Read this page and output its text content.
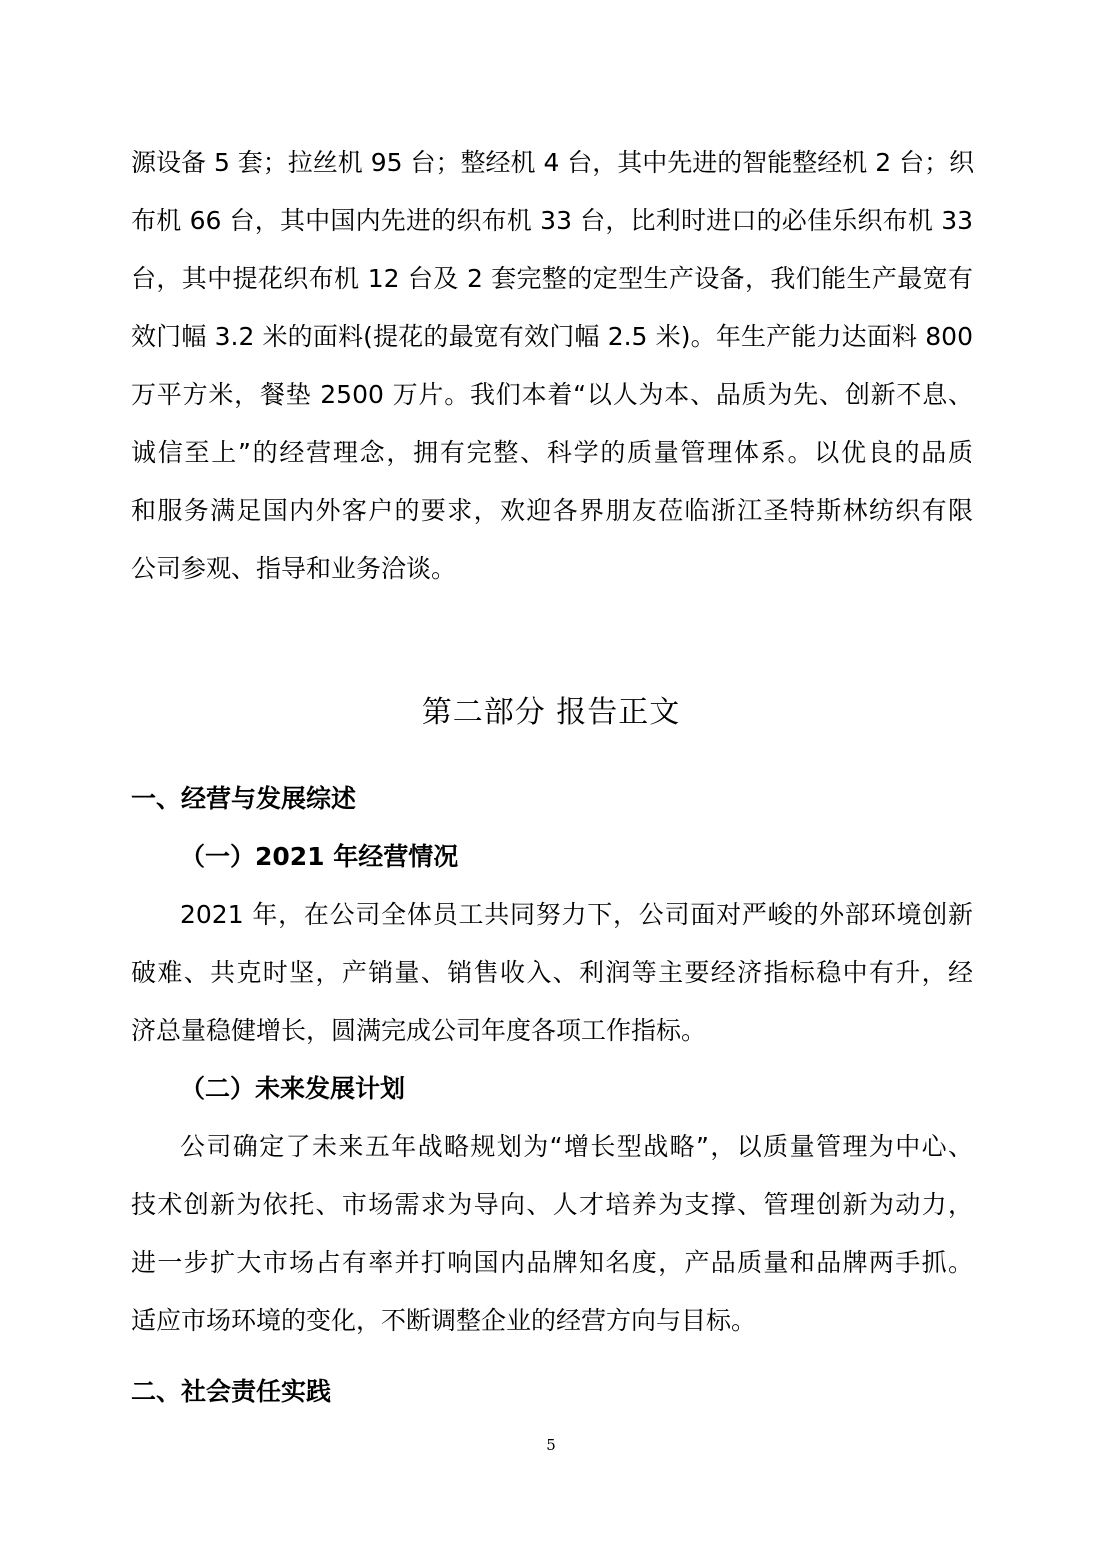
源设备 5 套；拉丝机 95 台；整经机 4 台，其中先进的智能整经机 2 台；织
布机 66 台，其中国内先进的织布机 33 台，比利时进口的必佳乐织布机 33
台，其中提花织布机 12 台及 2 套完整的定型生产设备，我们能生产最宽有
效门幅 3.2 米的面料(提花的最宽有效门幅 2.5 米)。年生产能力达面料 800
万平方米，餐垫 2500 万片。我们本着“以人为本、品质为先、创新不息、
诚信至上”的经营理念，拥有完整、科学的质量管理体系。以优良的品质
和服务满足国内外客户的要求，欢迎各界朋友莅临浙江圣特斯林纺织有限
公司参观、指导和业务洽谈。
第二部分 报告正文
一、经营与发展综述
（一）2021 年经营情况
2021 年，在公司全体员工共同努力下，公司面对严峻的外部环境创新
破难、共克时坚，产销量、销售收入、利润等主要经济指标稳中有升，经
济总量稳健增长，圆满完成公司年度各项工作指标。
（二）未来发展计划
公司确定了未来五年战略规划为“增长型战略”，以质量管理为中心、
技术创新为依托、市场需求为导向、人才培养为支撑、管理创新为动力，
进一步扩大市场占有率并打响国内品牌知名度，产品质量和品牌两手抓。
适应市场环境的变化，不断调整企业的经营方向与目标。
二、社会责任实践
5
